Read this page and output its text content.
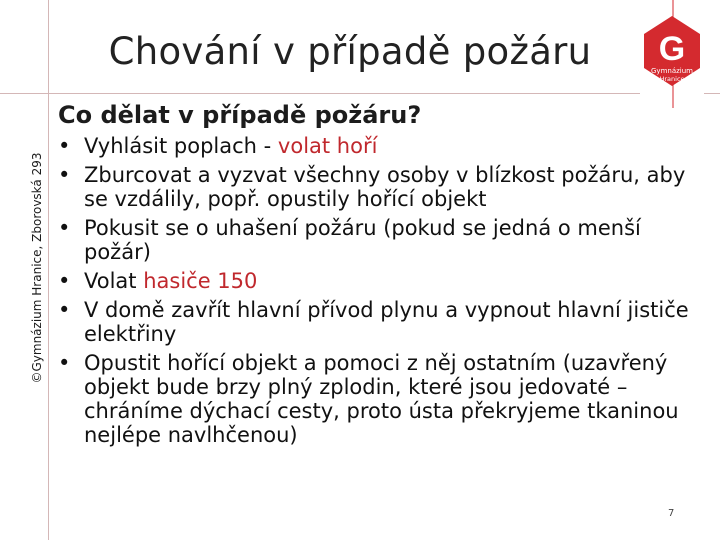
©Gymnázium Hranice, Zborovská 293
Chování v případě požáru	G
Gymnázium
Hranice
Co dělat v případě požáru?
• Vyhlásit poplach - volat hoří
• Zburcovat a vyzvat všechny osoby v blízkost požáru, aby se vzdálily, popř. opustily hořící objekt
• Pokusit se o uhašení požáru (pokud se jedná o menší požár)
• Volat hasiče 150
• V domě zavřít hlavní přívod plynu a vypnout hlavní jističe elektřiny
• Opustit hořící objekt a pomoci z něj ostatním (uzavřený objekt bude brzy plný zplodin, které jsou jedovaté – chráníme dýchací cesty, proto ústa překryjeme tkaninou nejlépe navlhčenou)
7
